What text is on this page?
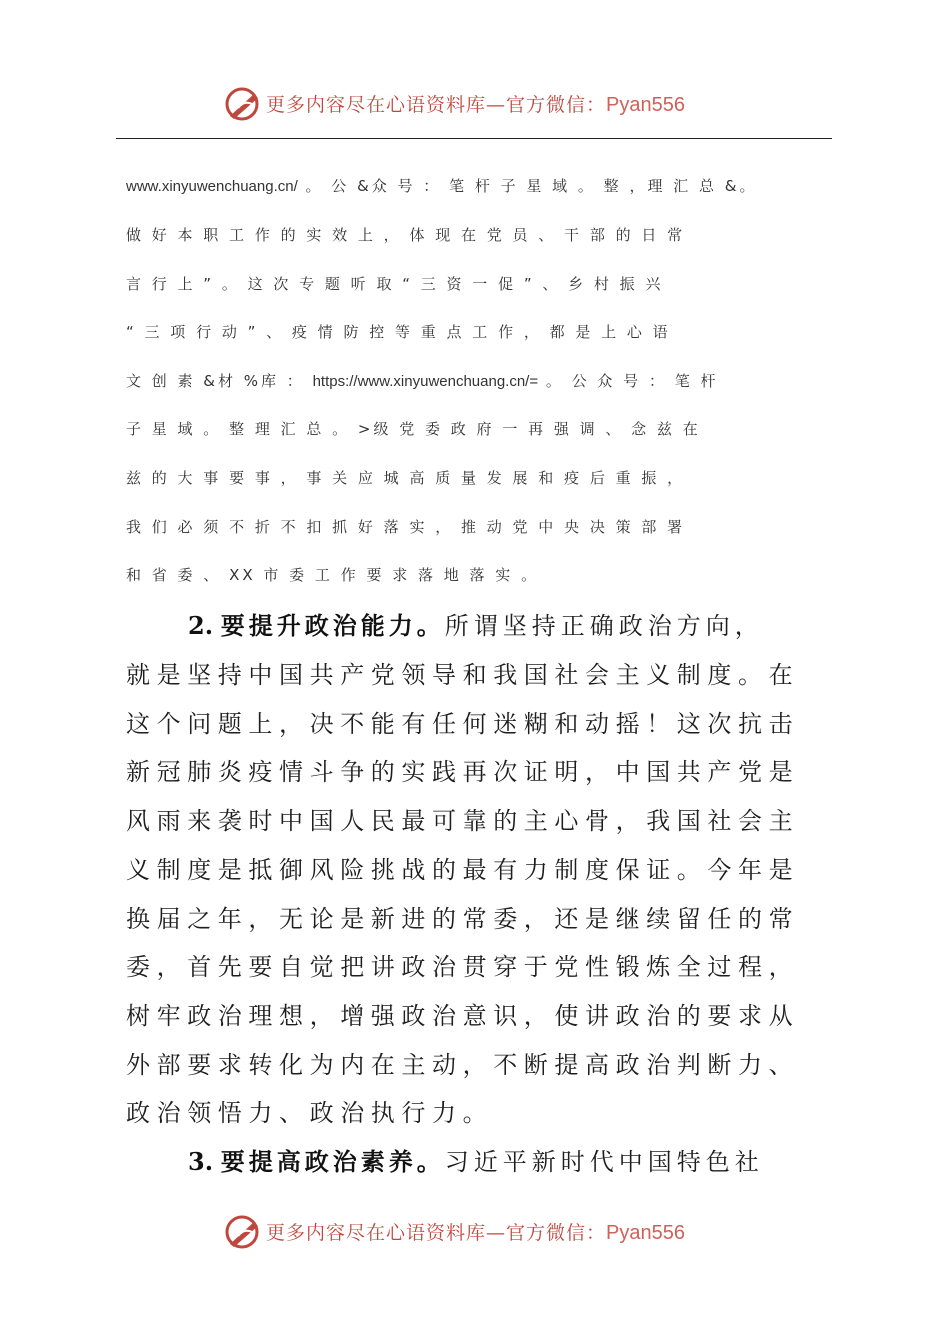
更多内容尽在心语资料库—官方微信：Pyan556
www.xinyuwenchuang.cn/ 。 公 &众 号 ： 笔 杆 子 星 域 。 整 ，理 汇 总 &。
做 好 本 职 工 作 的 实 效 上 ， 体 现 在 党 员 、 干 部 的 日 常
言 行 上 ” 。 这 次 专 题 听 取 “ 三 资 一 促 ” 、 乡 村 振 兴
“ 三 项 行 动 ” 、 疫 情 防 控 等 重 点 工 作 ， 都 是 上 心 语
文 创 素 &材 %库 ： https://www.xinyuwenchuang.cn/= 。 公 众 号 ： 笔 杆
子 星 域 。 整 理 汇 总 。 >级 党 委 政 府 一 再 强 调 、 念 兹 在
兹 的 大 事 要 事 ， 事 关 应 城 高 质 量 发 展 和 疫 后 重 振 ，
我 们 必 须 不 折 不 扣 抓 好 落 实 ， 推 动 党 中 央 决 策 部 署
和 省 委 、 XX 市 委 工 作 要 求 落 地 落 实 。
2. 要提升政治能力。所谓坚持正确政治方向，
就是坚持中国共产党领导和我国社会主义制度。在
这个问题上，决不能有任何迷糊和动摇！这次抗击
新冠肺炎疫情斗争的实践再次证明，中国共产党是
风雨来袭时中国人民最可靠的主心骨，我国社会主
义制度是抵御风险挑战的最有力制度保证。今年是
换届之年，无论是新进的常委，还是继续留任的常
委，首先要自觉把讲政治贯穿于党性锻炼全过程，
树牢政治理想，增强政治意识，使讲政治的要求从
外部要求转化为内在主动，不断提高政治判断力、
政治领悟力、政治执行力。
3. 要提高政治素养。习近平新时代中国特色社
更多内容尽在心语资料库—官方微信：Pyan556
